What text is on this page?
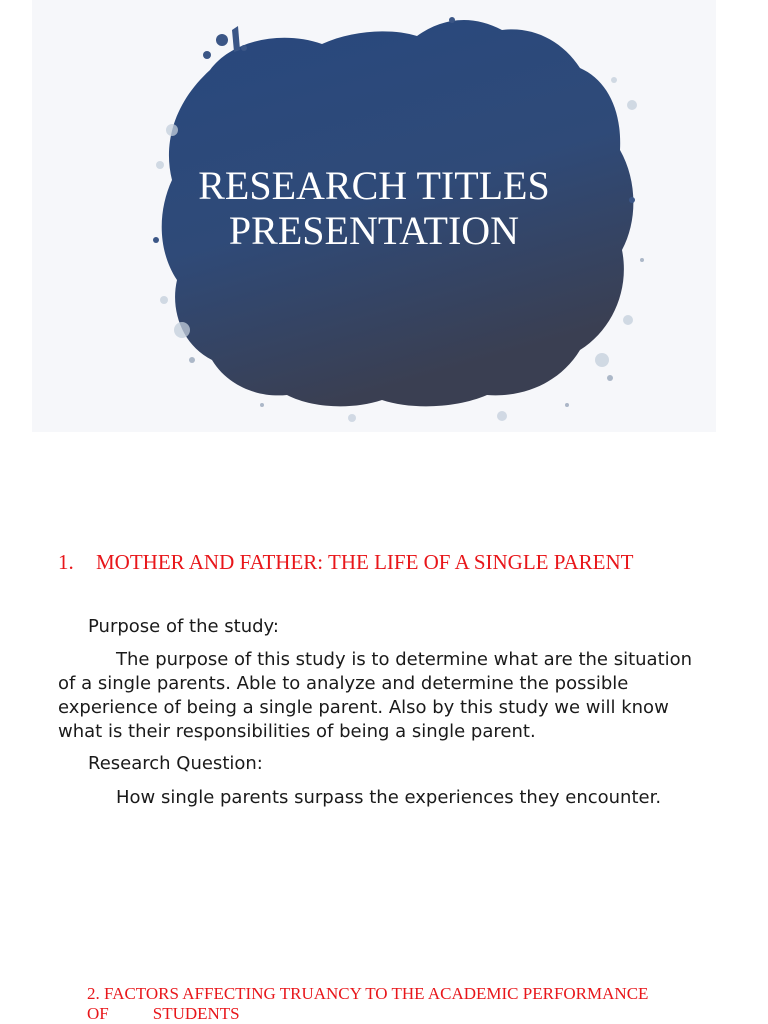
RESEARCH TITLES
PRESENTATION
1. MOTHER AND FATHER: THE LIFE OF A SINGLE PARENT

Purpose of the study:

The purpose of this study is to determine what are the situation

of a single parents. Able to analyze and determine the possible

experience of being a single parent. Also by this study we will know

what is their responsibilities of being a single parent.

Research Question:

How single parents surpass the experiences they encounter.

2. FACTORS AFFECTING TRUANCY TO THE ACADEMIC PERFORMANCE
OF	STUDENTS
